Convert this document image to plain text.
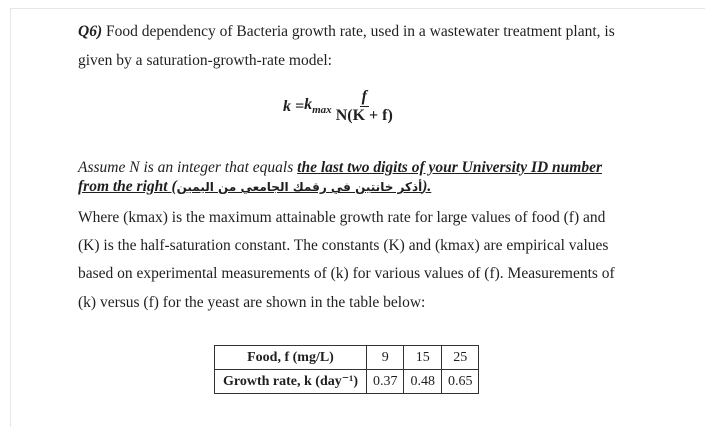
Q6) Food dependency of Bacteria growth rate, used in a wastewater treatment plant, is
given by a saturation-growth-rate model:
$k = k_{max} \frac{f}{N(K + f)}$
Assume N is an integer that equals the last two digits of your University ID number
from the right (أذكر خانتين في رقمك الجامعي من اليمين).
Where (kmax) is the maximum attainable growth rate for large values of food (f) and
(K) is the half-saturation constant. The constants (K) and (kmax) are empirical values
based on experimental measurements of (k) for various values of (f). Measurements of
(k) versus (f) for the yeast are shown in the table below:
Food, f (mg/L)	9	15	25
Growth rate, k (day⁻¹)	0.37	0.48	0.65
